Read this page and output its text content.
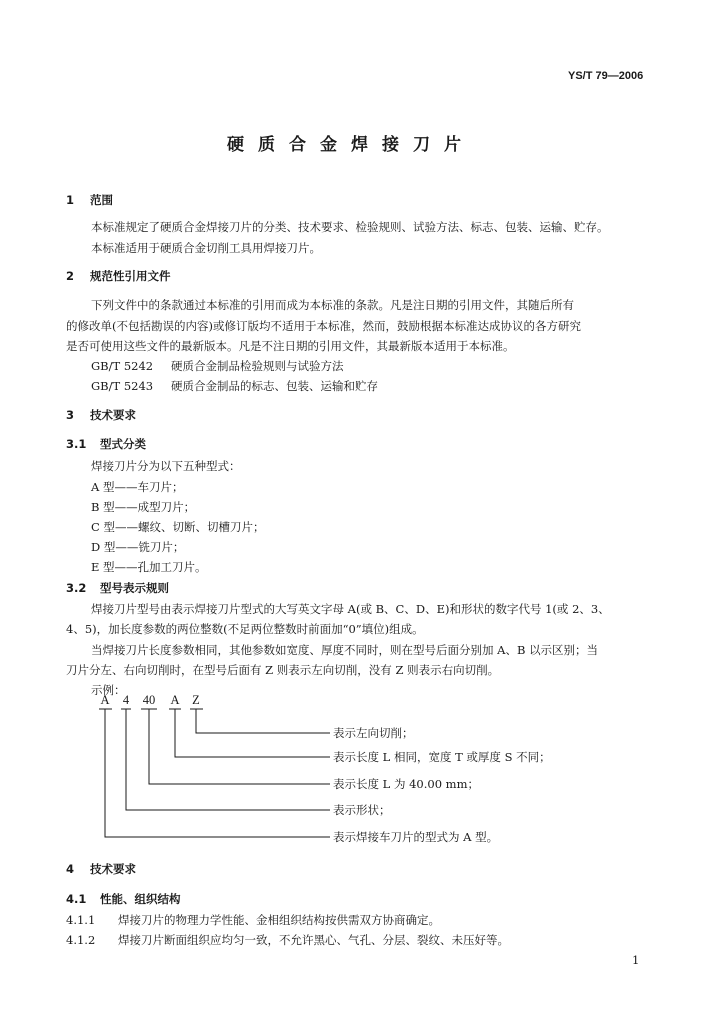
YS/T 79—2006
硬质合金焊接刀片
1 范围
本标准规定了硬质合金焊接刀片的分类、技术要求、检验规则、试验方法、标志、包装、运输、贮存。
本标准适用于硬质合金切削工具用焊接刀片。
2 规范性引用文件
下列文件中的条款通过本标准的引用而成为本标准的条款。凡是注日期的引用文件，其随后所有
的修改单(不包括勘误的内容)或修订版均不适用于本标准，然而，鼓励根据本标准达成协议的各方研究
是否可使用这些文件的最新版本。凡是不注日期的引用文件，其最新版本适用于本标准。
GB/T 5242 硬质合金制品检验规则与试验方法
GB/T 5243 硬质合金制品的标志、包装、运输和贮存
3 技术要求
3.1 型式分类
焊接刀片分为以下五种型式：
A 型——车刀片；
B 型——成型刀片；
C 型——螺纹、切断、切槽刀片；
D 型——铣刀片；
E 型——孔加工刀片。
3.2 型号表示规则
焊接刀片型号由表示焊接刀片型式的大写英文字母 A(或 B、C、D、E)和形状的数字代号 1(或 2、3、
4、5)，加长度参数的两位整数(不足两位整数时前面加“0”填位)组成。
当焊接刀片长度参数相同，其他参数如宽度、厚度不同时，则在型号后面分别加 A、B 以示区别；当
刀片分左、右向切削时，在型号后面有 Z 则表示左向切削，没有 Z 则表示右向切削。
示例：
A 4 40 A Z
表示左向切削；
表示长度 L 相同，宽度 T 或厚度 S 不同；
表示长度 L 为 40.00 mm；
表示形状；
表示焊接车刀片的型式为 A 型。
4 技术要求
4.1 性能、组织结构
4.1.1 焊接刀片的物理力学性能、金相组织结构按供需双方协商确定。
4.1.2 焊接刀片断面组织应均匀一致，不允许黑心、气孔、分层、裂纹、未压好等。
1
